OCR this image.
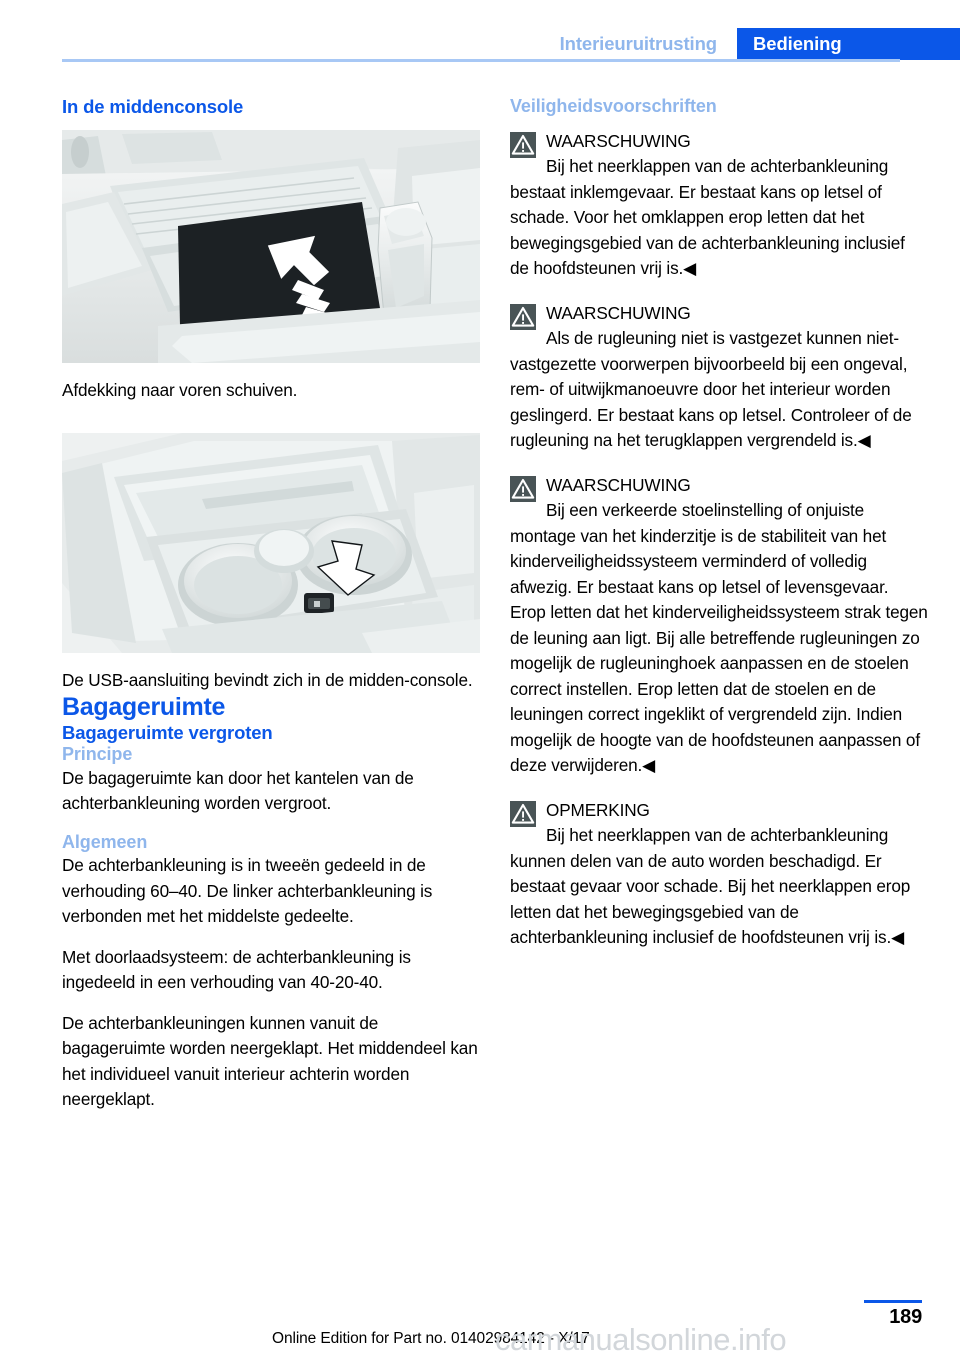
Interieuruitrusting Bediening
In de middenconsole

Afdekking naar voren schuiven.

De USB-aansluiting bevindt zich in de midden-console.

Bagageruimte
Bagageruimte vergroten
Principe

De bagageruimte kan door het kantelen van de achterbankleuning worden vergroot.

Algemeen

De achterbankleuning is in tweeën gedeeld in de verhouding 60–40. De linker achterbankleuning is verbonden met het middelste gedeelte.

Met doorlaadsysteem: de achterbankleuning is ingedeeld in een verhouding van 40-20-40.

De achterbankleuningen kunnen vanuit de bagageruimte worden neergeklapt. Het middendeel kan het individueel vanuit interieur achterin worden neergeklapt.

Veiligheidsvoorschriften

WAARSCHUWING

Bij het neerklappen van de achterbankleuning bestaat inklemgevaar. Er bestaat kans op letsel of schade. Voor het omklappen erop letten dat het bewegingsgebied van de achterbankleuning inclusief de hoofdsteunen vrij is.◀

WAARSCHUWING

Als de rugleuning niet is vastgezet kunnen niet-vastgezette voorwerpen bijvoorbeeld bij een ongeval, rem- of uitwijkmanoeuvre door het interieur worden geslingerd. Er bestaat kans op letsel. Controleer of de rugleuning na het terugklappen vergrendeld is.◀

WAARSCHUWING

Bij een verkeerde stoelinstelling of onjuiste montage van het kinderzitje is de stabiliteit van het kinderveiligheidssysteem verminderd of volledig afwezig. Er bestaat kans op letsel of levensgevaar. Erop letten dat het kinderveiligheidssysteem strak tegen de leuning aan ligt. Bij alle betreffende rugleuningen zo mogelijk de rugleuninghoek aanpassen en de stoelen correct instellen. Erop letten dat de stoelen en de leuningen correct ingeklikt of vergrendeld zijn. Indien mogelijk de hoogte van de hoofdsteunen aanpassen of deze verwijderen.◀

OPMERKING

Bij het neerklappen van de achterbankleuning kunnen delen van de auto worden beschadigd. Er bestaat gevaar voor schade. Bij het neerklappen erop letten dat het bewegingsgebied van de achterbankleuning inclusief de hoofdsteunen vrij is.◀

189
Online Edition for Part no. 01402984142 - X/17
carmanualsonline.info
